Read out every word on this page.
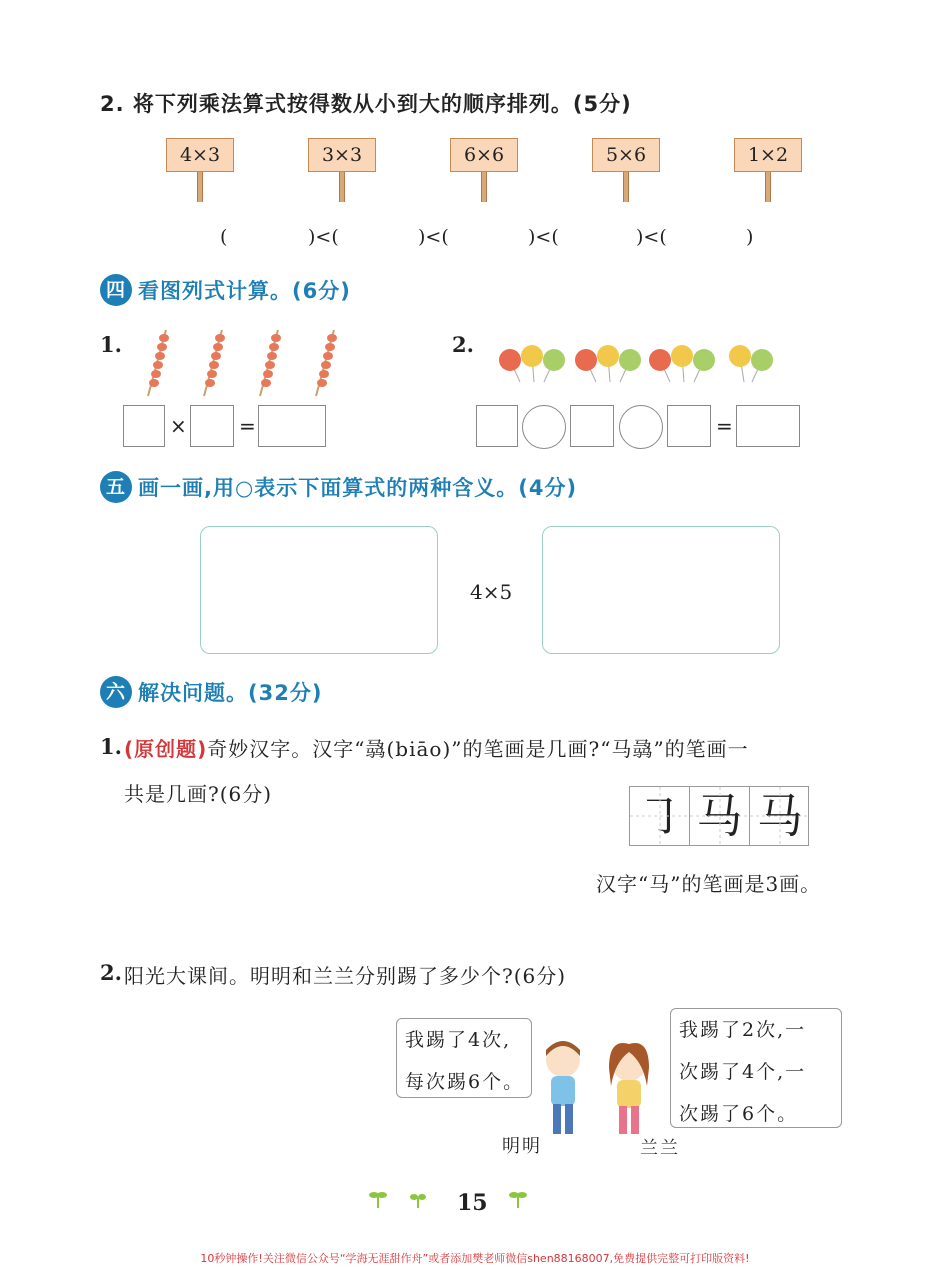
2. 将下列乘法算式按得数从小到大的顺序排列。(5分)
4×3	3×3	6×6	5×6	1×2
(	)<(	)<(	)<(	)<(	)
四 看图列式计算。(6分)
1.
×	=
2.
=
五 画一画,用○表示下面算式的两种含义。(4分)
4×5
六 解决问题。(32分)
1. (原创题)奇妙汉字。汉字“骉(biāo)”的笔画是几画?“马骉”的笔画一
共是几画?(6分)	㇆ 马 马
汉字“马”的笔画是3画。
2. 阳光大课间。明明和兰兰分别踢了多少个?(6分)
我踢了4次,
每次踢6个。
我踢了2次,一
次踢了4个,一
次踢了6个。
明明	兰兰
15
10秒钟操作!关注微信公众号“学海无涯甜作舟”或者添加樊老师微信shen88168007,免费提供完整可打印版资料!
